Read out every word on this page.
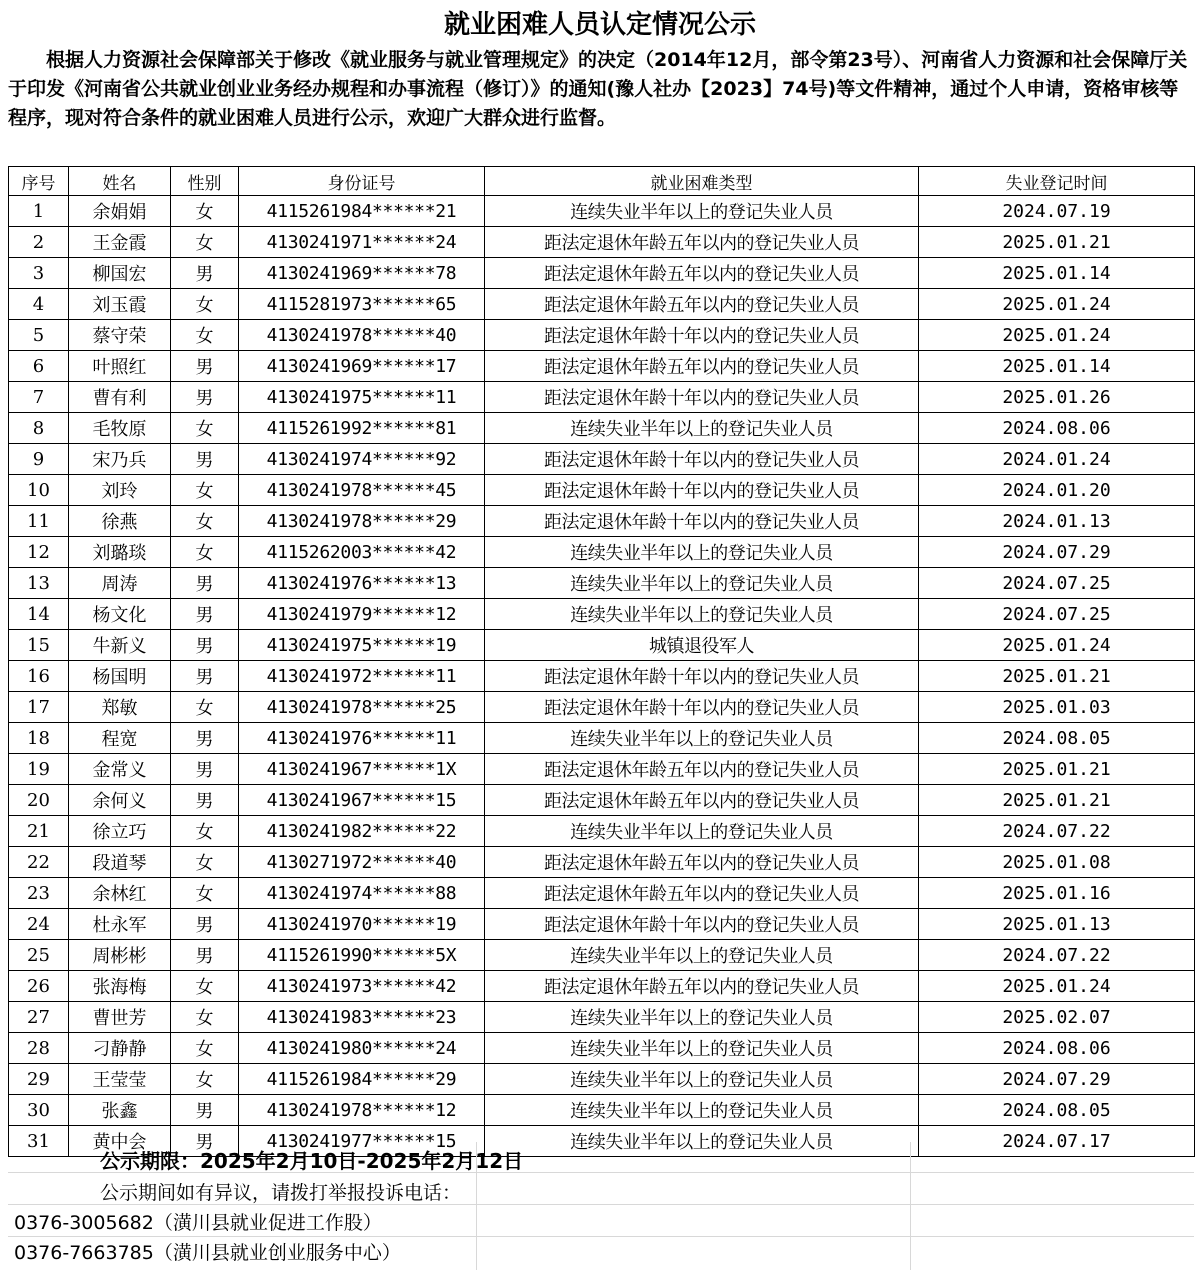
就业困难人员认定情况公示
根据人力资源社会保障部关于修改《就业服务与就业管理规定》的决定（2014年12月，部令第23号）、河南省人力资源和社会保障厅关于印发《河南省公共就业创业业务经办规程和办事流程（修订）》的通知(豫人社办【2023】74号)等文件精神，通过个人申请，资格审核等程序，现对符合条件的就业困难人员进行公示，欢迎广大群众进行监督。
序号	姓名	性别	身份证号	就业困难类型	失业登记时间
1	余娟娟	女	4115261984******21	连续失业半年以上的登记失业人员	2024.07.19
2	王金霞	女	4130241971******24	距法定退休年龄五年以内的登记失业人员	2025.01.21
3	柳国宏	男	4130241969******78	距法定退休年龄五年以内的登记失业人员	2025.01.14
4	刘玉霞	女	4115281973******65	距法定退休年龄五年以内的登记失业人员	2025.01.24
5	蔡守荣	女	4130241978******40	距法定退休年龄十年以内的登记失业人员	2025.01.24
6	叶照红	男	4130241969******17	距法定退休年龄五年以内的登记失业人员	2025.01.14
7	曹有利	男	4130241975******11	距法定退休年龄十年以内的登记失业人员	2025.01.26
8	毛牧原	女	4115261992******81	连续失业半年以上的登记失业人员	2024.08.06
9	宋乃兵	男	4130241974******92	距法定退休年龄十年以内的登记失业人员	2024.01.24
10	刘玲	女	4130241978******45	距法定退休年龄十年以内的登记失业人员	2024.01.20
11	徐燕	女	4130241978******29	距法定退休年龄十年以内的登记失业人员	2024.01.13
12	刘璐琰	女	4115262003******42	连续失业半年以上的登记失业人员	2024.07.29
13	周涛	男	4130241976******13	连续失业半年以上的登记失业人员	2024.07.25
14	杨文化	男	4130241979******12	连续失业半年以上的登记失业人员	2024.07.25
15	牛新义	男	4130241975******19	城镇退役军人	2025.01.24
16	杨国明	男	4130241972******11	距法定退休年龄十年以内的登记失业人员	2025.01.21
17	郑敏	女	4130241978******25	距法定退休年龄十年以内的登记失业人员	2025.01.03
18	程宽	男	4130241976******11	连续失业半年以上的登记失业人员	2024.08.05
19	金常义	男	4130241967******1X	距法定退休年龄五年以内的登记失业人员	2025.01.21
20	余何义	男	4130241967******15	距法定退休年龄五年以内的登记失业人员	2025.01.21
21	徐立巧	女	4130241982******22	连续失业半年以上的登记失业人员	2024.07.22
22	段道琴	女	4130271972******40	距法定退休年龄五年以内的登记失业人员	2025.01.08
23	余林红	女	4130241974******88	距法定退休年龄五年以内的登记失业人员	2025.01.16
24	杜永军	男	4130241970******19	距法定退休年龄十年以内的登记失业人员	2025.01.13
25	周彬彬	男	4115261990******5X	连续失业半年以上的登记失业人员	2024.07.22
26	张海梅	女	4130241973******42	距法定退休年龄五年以内的登记失业人员	2025.01.24
27	曹世芳	女	4130241983******23	连续失业半年以上的登记失业人员	2025.02.07
28	刁静静	女	4130241980******24	连续失业半年以上的登记失业人员	2024.08.06
29	王莹莹	女	4115261984******29	连续失业半年以上的登记失业人员	2024.07.29
30	张鑫	男	4130241978******12	连续失业半年以上的登记失业人员	2024.08.05
31	黄中会	男	4130241977******15	连续失业半年以上的登记失业人员	2024.07.17
公示期限：2025年2月10日-2025年2月12日
公示期间如有异议，请拨打举报投诉电话：
0376-3005682（潢川县就业促进工作股）
0376-7663785（潢川县就业创业服务中心）
